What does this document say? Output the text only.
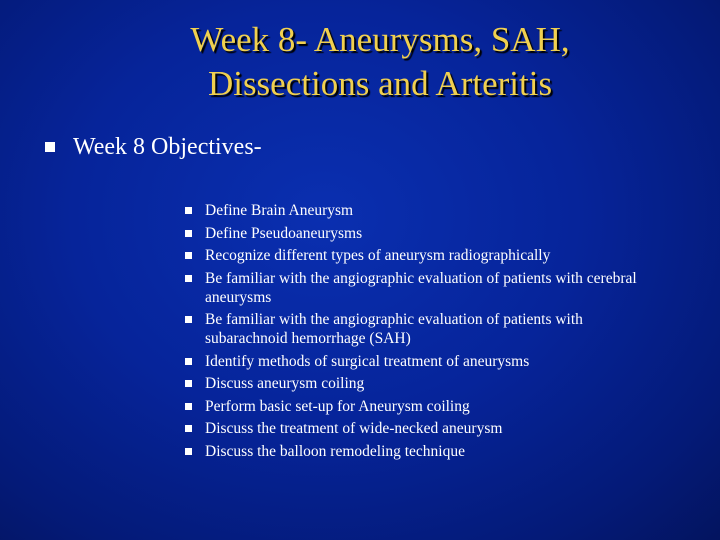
Week 8- Aneurysms, SAH,
Dissections and Arteritis
Week 8 Objectives-
Define Brain Aneurysm
Define Pseudoaneurysms
Recognize different types of aneurysm radiographically
Be familiar with the angiographic evaluation of patients with cerebral aneurysms
Be familiar with the angiographic evaluation of patients with subarachnoid hemorrhage (SAH)
Identify methods of surgical treatment of aneurysms
Discuss aneurysm coiling
Perform basic set-up for Aneurysm coiling
Discuss the treatment of wide-necked aneurysm
Discuss the balloon remodeling technique
